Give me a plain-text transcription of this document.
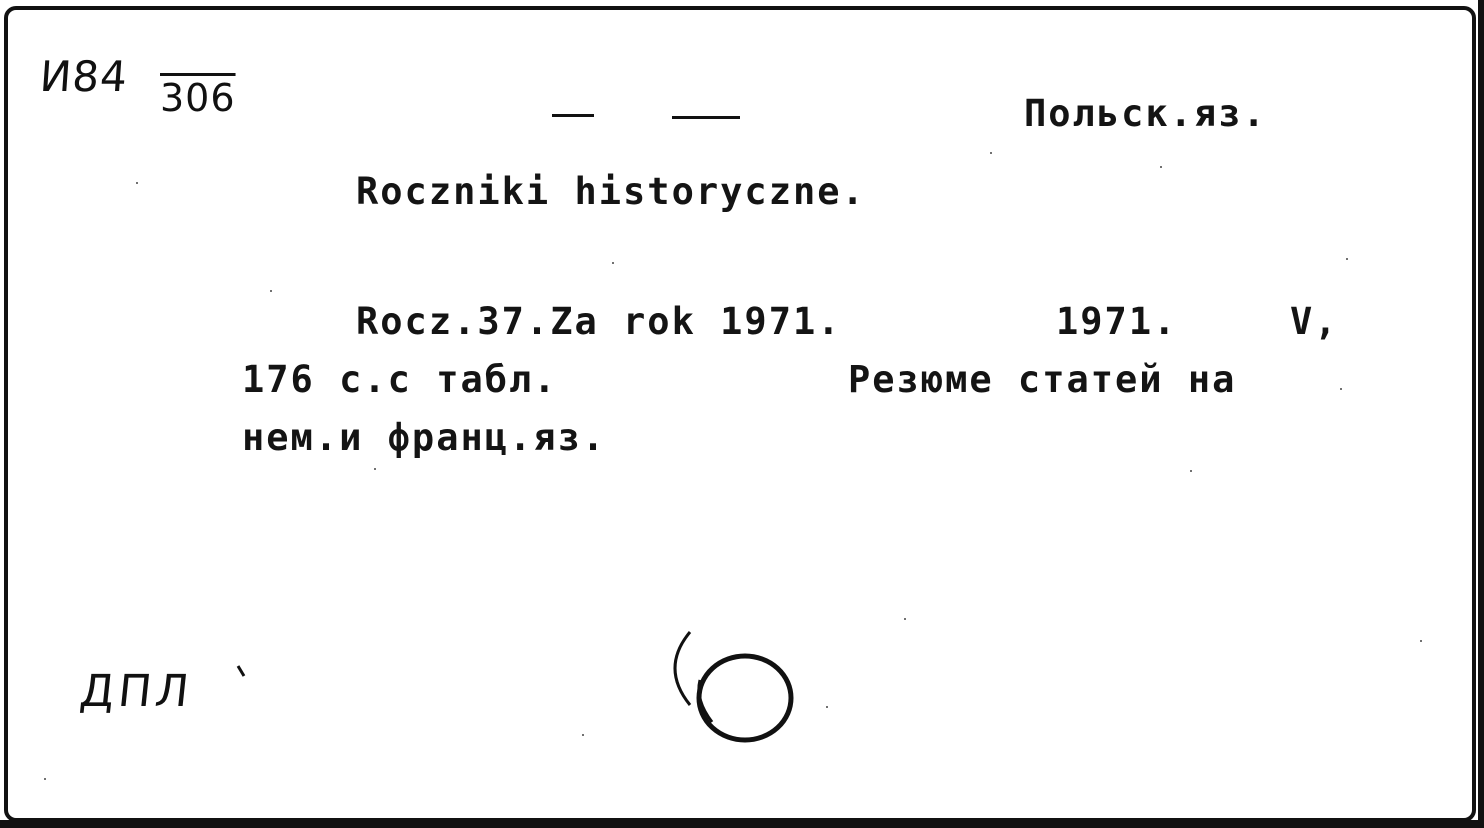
И84 306	Польск.яз.
Roczniki historyczne.
Rocz.37.Za rok 1971.	1971.	V,
176 с.с табл.	Резюме статей на
нем.и франц.яз.
ДПЛ
